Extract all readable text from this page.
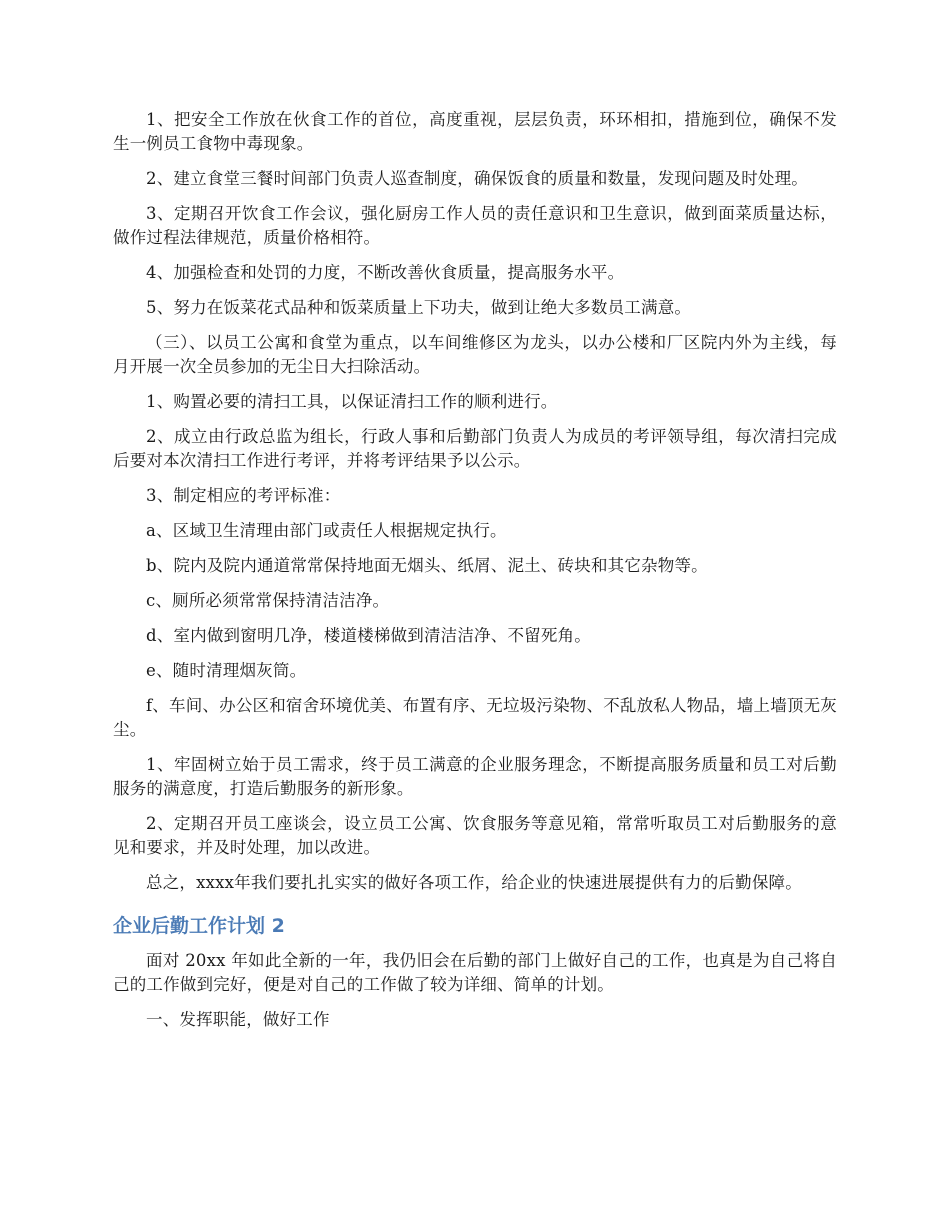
1、把安全工作放在伙食工作的首位，高度重视，层层负责，环环相扣，措施到位，确保不发生一例员工食物中毒现象。

2、建立食堂三餐时间部门负责人巡查制度，确保饭食的质量和数量，发现问题及时处理。

3、定期召开饮食工作会议，强化厨房工作人员的责任意识和卫生意识，做到面菜质量达标，做作过程法律规范，质量价格相符。

4、加强检查和处罚的力度，不断改善伙食质量，提高服务水平。

5、努力在饭菜花式品种和饭菜质量上下功夫，做到让绝大多数员工满意。

（三）、以员工公寓和食堂为重点，以车间维修区为龙头，以办公楼和厂区院内外为主线，每月开展一次全员参加的无尘日大扫除活动。

1、购置必要的清扫工具，以保证清扫工作的顺利进行。

2、成立由行政总监为组长，行政人事和后勤部门负责人为成员的考评领导组，每次清扫完成后要对本次清扫工作进行考评，并将考评结果予以公示。

3、制定相应的考评标准：

a、区域卫生清理由部门或责任人根据规定执行。

b、院内及院内通道常常保持地面无烟头、纸屑、泥土、砖块和其它杂物等。

c、厕所必须常常保持清洁洁净。

d、室内做到窗明几净，楼道楼梯做到清洁洁净、不留死角。

e、随时清理烟灰筒。

f、车间、办公区和宿舍环境优美、布置有序、无垃圾污染物、不乱放私人物品，墙上墙顶无灰尘。

1、牢固树立始于员工需求，终于员工满意的企业服务理念，不断提高服务质量和员工对后勤服务的满意度，打造后勤服务的新形象。

2、定期召开员工座谈会，设立员工公寓、饮食服务等意见箱，常常听取员工对后勤服务的意见和要求，并及时处理，加以改进。

总之，xxxx年我们要扎扎实实的做好各项工作，给企业的快速进展提供有力的后勤保障。

企业后勤工作计划 2

面对 20xx 年如此全新的一年，我仍旧会在后勤的部门上做好自己的工作，也真是为自己将自己的工作做到完好，便是对自己的工作做了较为详细、简单的计划。

一、发挥职能，做好工作
